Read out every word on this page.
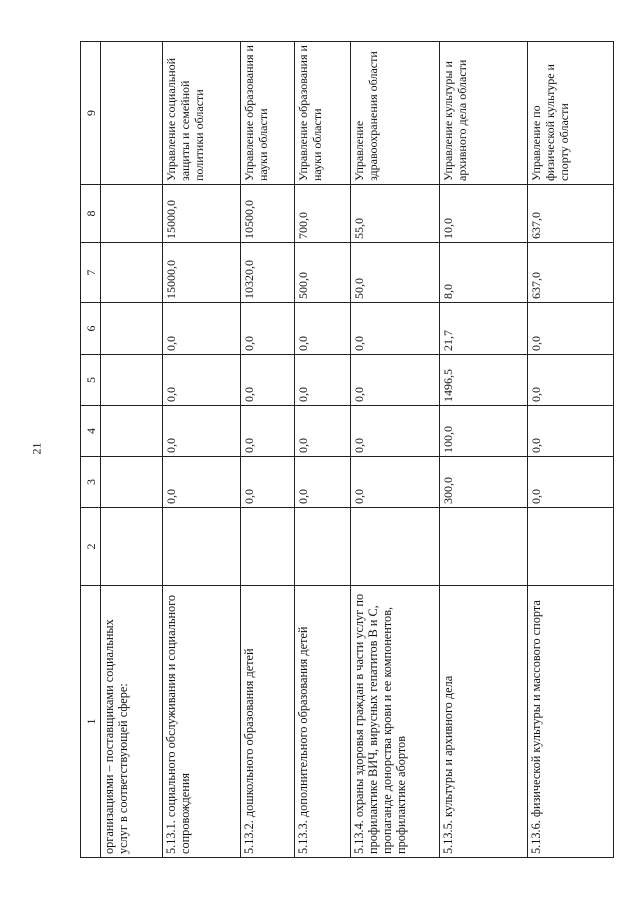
21
1	2	3	4	5	6	7	8	9
организациями – поставщиками социальных услуг в соответствующей сфере:								
5.13.1. социального обслуживания и социального сопровождения		0,0	0,0	0,0	0,0	15000,0	15000,0	Управление социальной защиты и семейной политики области
5.13.2. дошкольного образования детей		0,0	0,0	0,0	0,0	10320,0	10500,0	Управление образования и науки области
5.13.3. дополнительного образования детей		0,0	0,0	0,0	0,0	500,0	700,0	Управление образования и науки области
5.13.4. охраны здоровья граждан в части услуг по профилактике ВИЧ, вирусных гепатитов В и С, пропаганде донорства крови и ее компонентов, профилактике абортов		0,0	0,0	0,0	0,0	50,0	55,0	Управление здравоохранения области
5.13.5. культуры и архивного дела		300,0	100,0	1496,5	21,7	8,0	10,0	Управление культуры и архивного дела области
5.13.6. физической культуры и массового спорта		0,0	0,0	0,0	0,0	637,0	637,0	Управление по физической культуре и спорту области
